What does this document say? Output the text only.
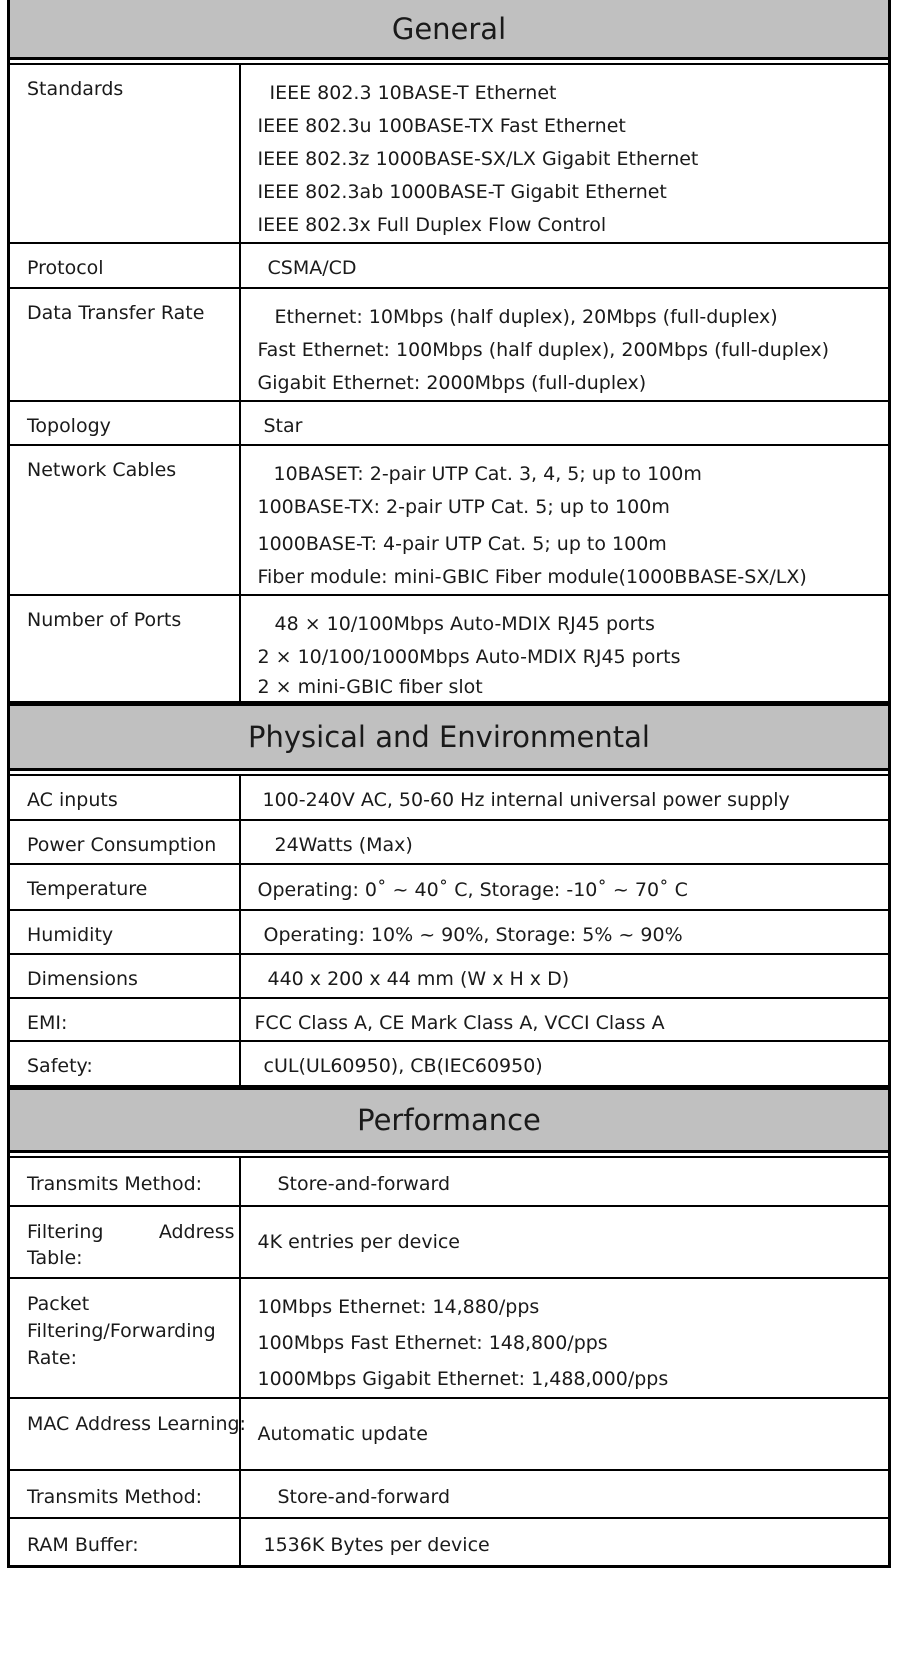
General
Standards	IEEE 802.3 10BASE-T Ethernet
IEEE 802.3u 100BASE-TX Fast Ethernet
IEEE 802.3z 1000BASE-SX/LX Gigabit Ethernet
IEEE 802.3ab 1000BASE-T Gigabit Ethernet
IEEE 802.3x Full Duplex Flow Control

Protocol	CSMA/CD

Data Transfer Rate	Ethernet: 10Mbps (half duplex), 20Mbps (full-duplex)
Fast Ethernet: 100Mbps (half duplex), 200Mbps (full-duplex)
Gigabit Ethernet: 2000Mbps (full-duplex)

Topology	Star

Network Cables	10BASET: 2-pair UTP Cat. 3, 4, 5; up to 100m
100BASE-TX: 2-pair UTP Cat. 5; up to 100m
1000BASE-T: 4-pair UTP Cat. 5; up to 100m
Fiber module: mini-GBIC Fiber module(1000BBASE-SX/LX)

Number of Ports	48 × 10/100Mbps Auto-MDIX RJ45 ports
2 × 10/100/1000Mbps Auto-MDIX RJ45 ports
2 × mini-GBIC fiber slot
Physical and Environmental
AC inputs	100-240V AC, 50-60 Hz internal universal power supply

Power Consumption	24Watts (Max)

Temperature	Operating: 0˚ ~ 40˚ C, Storage: -10˚ ~ 70˚ C

Humidity	Operating: 10% ~ 90%, Storage: 5% ~ 90%

Dimensions	440 x 200 x 44 mm (W x H x D)

EMI:	FCC Class A, CE Mark Class A, VCCI Class A

Safety:	cUL(UL60950), CB(IEC60950)
Performance
Transmits Method:	Store-and-forward

Filtering Address Table:	4K entries per device

Packet Filtering/Forwarding Rate:	10Mbps Ethernet: 14,880/pps
100Mbps Fast Ethernet: 148,800/pps
1000Mbps Gigabit Ethernet: 1,488,000/pps

MAC Address Learning:	Automatic update

Transmits Method:	Store-and-forward

RAM Buffer:	1536K Bytes per device
